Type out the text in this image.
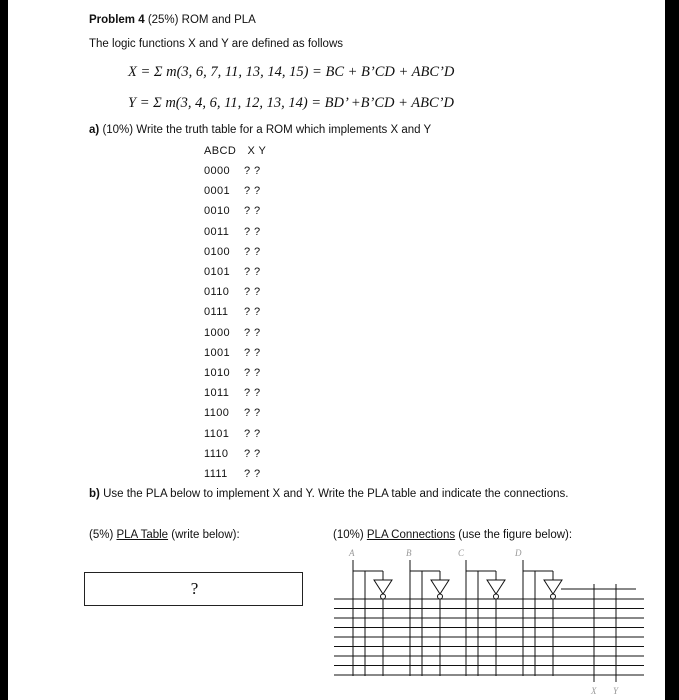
Problem 4 (25%) ROM and PLA
The logic functions X and Y are defined as follows
X = Σ m(3, 6, 7, 11, 13, 14, 15) = BC + B’CD + ABC’D
Y = Σ m(3, 4, 6, 11, 12, 13, 14) = BD’ +B’CD + ABC’D
a) (10%) Write the truth table for a ROM which implements X and Y
ABCD X Y
0000 ? ?
0001 ? ?
0010 ? ?
0011 ? ?
0100 ? ?
0101 ? ?
0110 ? ?
0111 ? ?
1000 ? ?
1001 ? ?
1010 ? ?
1011 ? ?
1100 ? ?
1101 ? ?
1110 ? ?
1111 ? ?
b) Use the PLA below to implement X and Y. Write the PLA table and indicate the connections.
(5%) PLA Table (write below):	(10%) PLA Connections (use the figure below):
?
A	B	C	D
X Y
